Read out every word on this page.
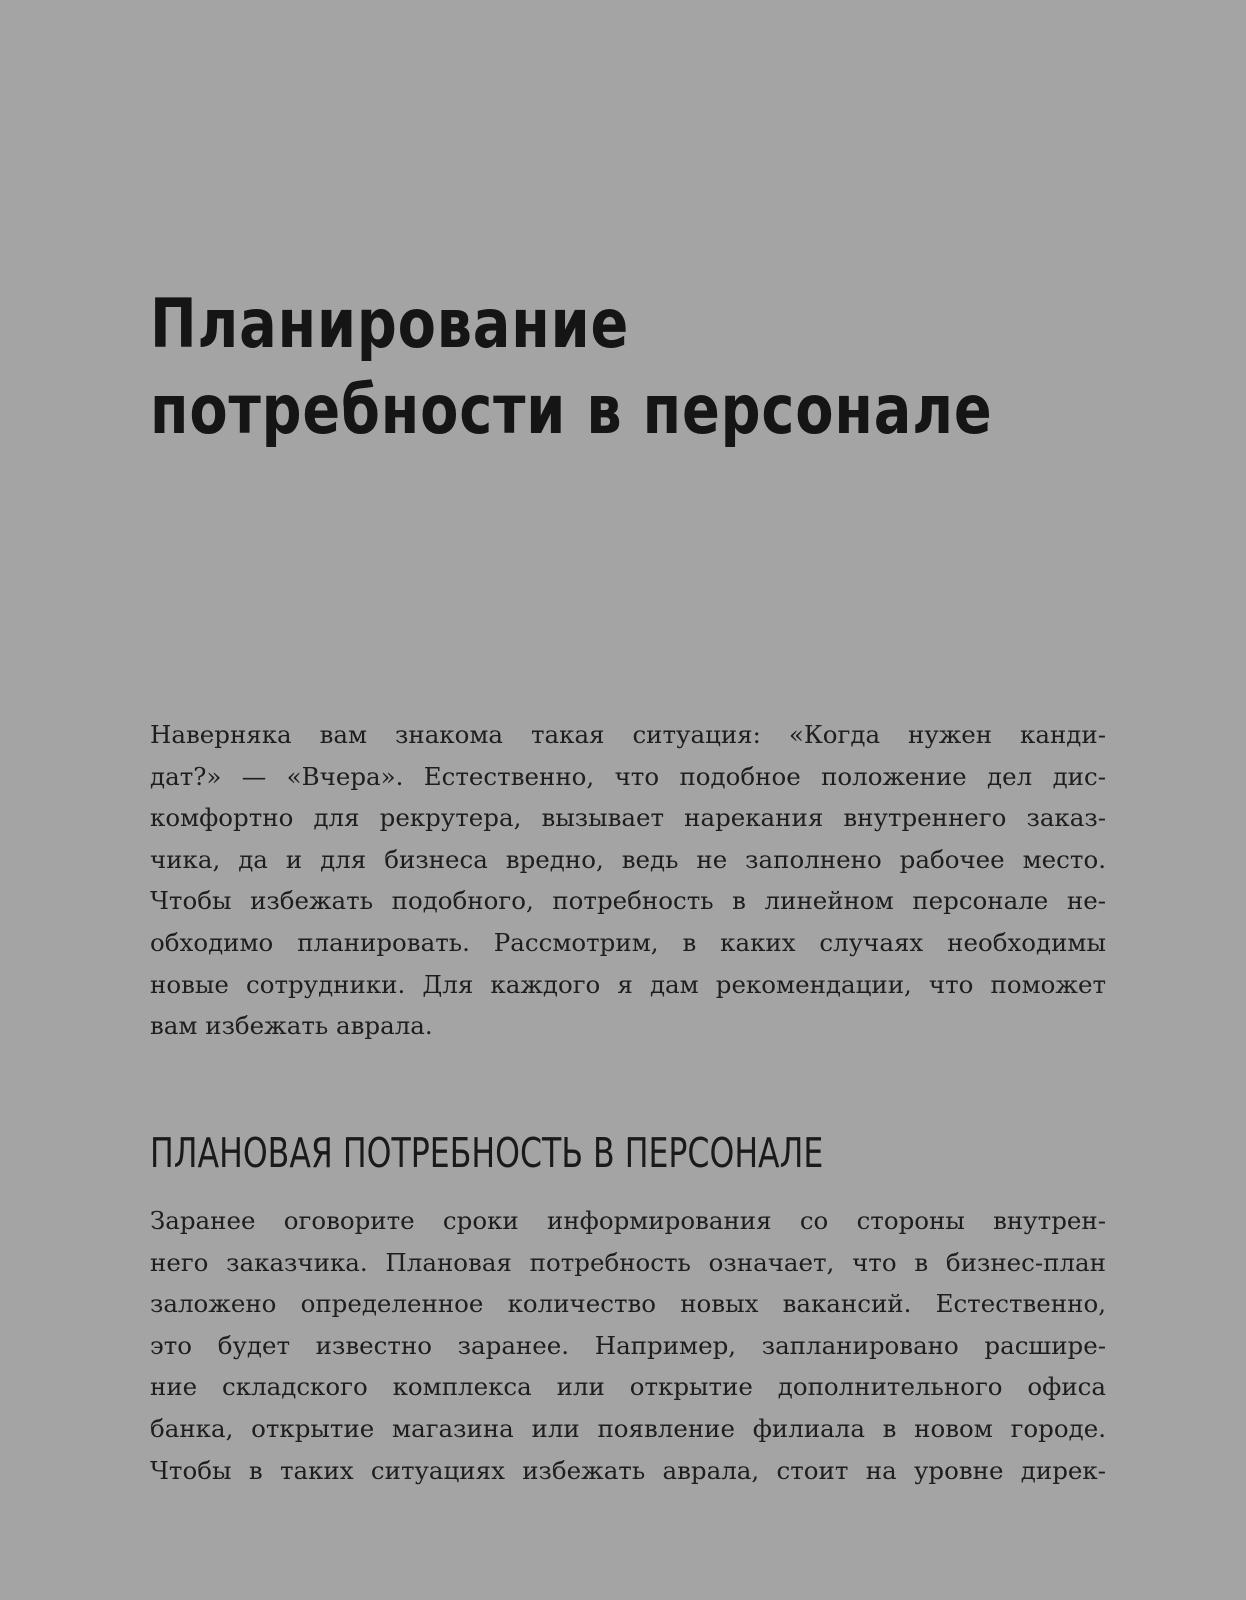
Планирование
потребности в персонале

Наверняка вам знакома такая ситуация: «Когда нужен канди-
дат?» — «Вчера». Естественно, что подобное положение дел дис-
комфортно для рекрутера, вызывает нарекания внутреннего заказ-
чика, да и для бизнеса вредно, ведь не заполнено рабочее место.
Чтобы избежать подобного, потребность в линейном персонале не-
обходимо планировать. Рассмотрим, в каких случаях необходимы
новые сотрудники. Для каждого я дам рекомендации, что поможет
вам избежать аврала.

ПЛАНОВАЯ ПОТРЕБНОСТЬ В ПЕРСОНАЛЕ

Заранее оговорите сроки информирования со стороны внутрен-
него заказчика. Плановая потребность означает, что в бизнес-план
заложено определенное количество новых вакансий. Естественно,
это будет известно заранее. Например, запланировано расшире-
ние складского комплекса или открытие дополнительного офиса
банка, открытие магазина или появление филиала в новом городе.
Чтобы в таких ситуациях избежать аврала, стоит на уровне дирек-
